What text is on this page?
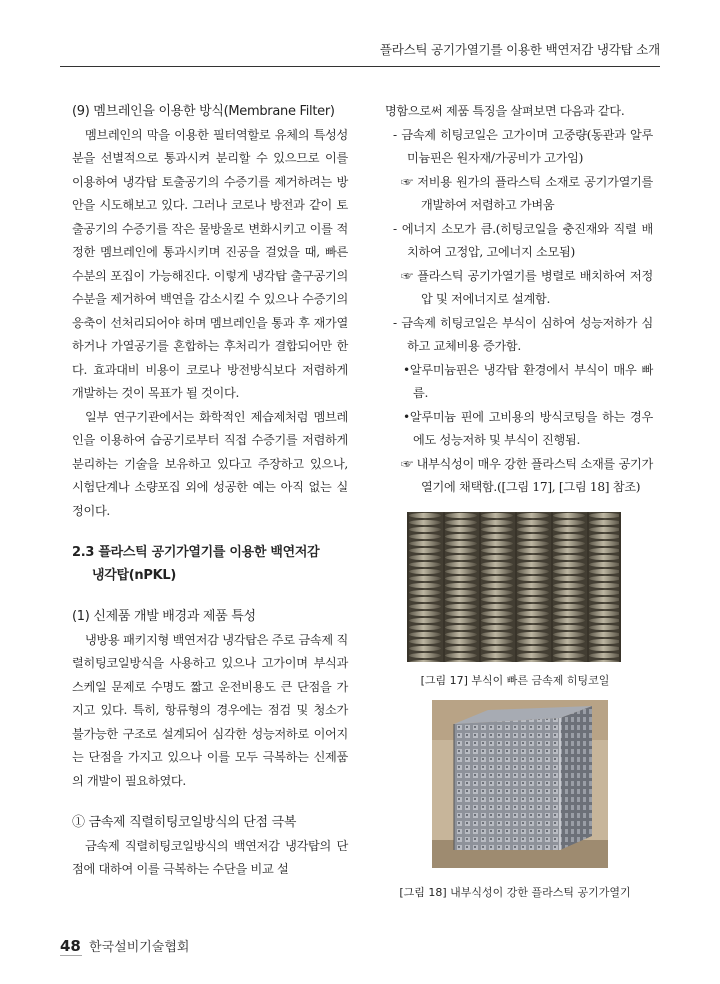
플라스틱 공기가열기를 이용한 백연저감 냉각탑 소개

(9) 멤브레인을 이용한 방식(Membrane Filter)

멤브레인의 막을 이용한 필터역할로 유체의 특성성분을 선별적으로 통과시켜 분리할 수 있으므로 이를 이용하여 냉각탑 토출공기의 수증기를 제거하려는 방안을 시도해보고 있다. 그러나 코로나 방전과 같이 토출공기의 수증기를 작은 물방울로 변화시키고 이를 적정한 멤브레인에 통과시키며 진공을 걸었을 때, 빠른 수분의 포집이 가능해진다. 이렇게 냉각탑 출구공기의 수분을 제거하여 백연을 감소시킬 수 있으나 수증기의 응축이 선처리되어야 하며 멤브레인을 통과 후 재가열하거나 가열공기를 혼합하는 후처리가 결합되어만 한다. 효과대비 비용이 코로나 방전방식보다 저렴하게 개발하는 것이 목표가 될 것이다.

일부 연구기관에서는 화학적인 제습제처럼 멤브레인을 이용하여 습공기로부터 직접 수증기를 저렴하게 분리하는 기술을 보유하고 있다고 주장하고 있으나, 시험단계나 소량포집 외에 성공한 예는 아직 없는 실정이다.

2.3 플라스틱 공기가열기를 이용한 백연저감
냉각탑(nPKL)

(1) 신제품 개발 배경과 제품 특성

냉방용 패키지형 백연저감 냉각탑은 주로 금속제 직렬히팅코일방식을 사용하고 있으나 고가이며 부식과 스케일 문제로 수명도 짧고 운전비용도 큰 단점을 가지고 있다. 특히, 항류형의 경우에는 점검 및 청소가 불가능한 구조로 설계되어 심각한 성능저하로 이어지는 단점을 가지고 있으나 이를 모두 극복하는 신제품의 개발이 필요하였다.

① 금속제 직렬히팅코일방식의 단점 극복

금속제 직렬히팅코일방식의 백연저감 냉각탑의 단점에 대하여 이를 극복하는 수단을 비교 설

명함으로써 제품 특징을 살펴보면 다음과 같다.

- 금속제 히팅코일은 고가이며 고중량(동관과 알루미늄핀은 원자재/가공비가 고가임)

☞ 저비용 원가의 플라스틱 소재로 공기가열기를 개발하여 저렴하고 가벼움

- 에너지 소모가 큼.(히팅코일을 충진재와 직렬 배치하여 고정압, 고에너지 소모됨)

☞ 플라스틱 공기가열기를 병렬로 배치하여 저정압 및 저에너지로 설계함.

- 금속제 히팅코일은 부식이 심하여 성능저하가 심하고 교체비용 증가함.

•알루미늄핀은 냉각탑 환경에서 부식이 매우 빠름.

•알루미늄 핀에 고비용의 방식코팅을 하는 경우에도 성능저하 및 부식이 진행됨.

☞ 내부식성이 매우 강한 플라스틱 소재를 공기가열기에 채택함.([그림 17], [그림 18] 참조)

[그림 17] 부식이 빠른 금속제 히팅코일
[그림 18] 내부식성이 강한 플라스틱 공기가열기
48 한국설비기술협회
